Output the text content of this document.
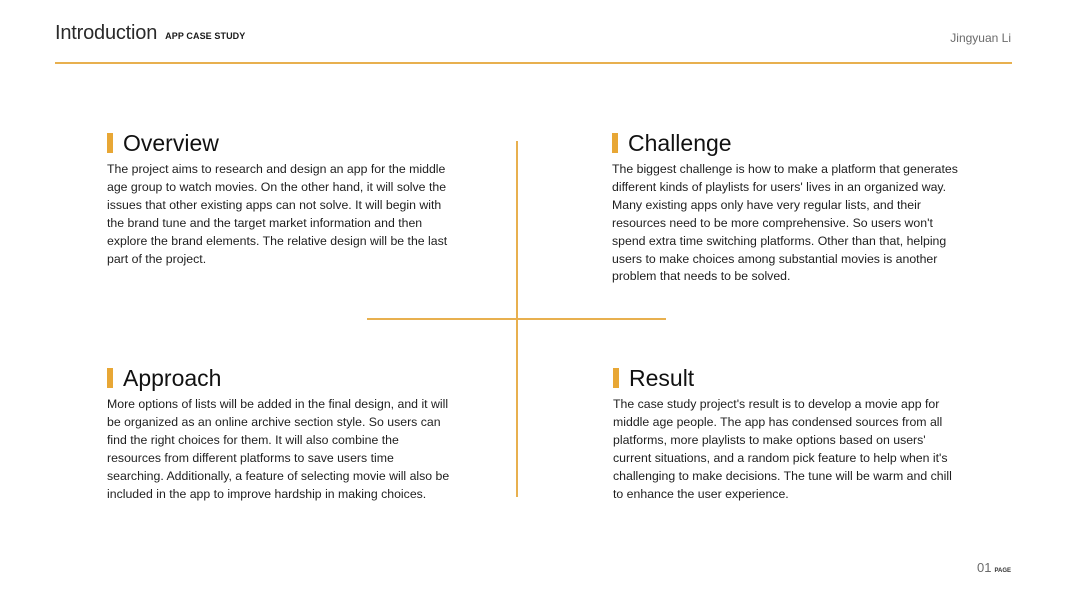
Introduction APP CASE STUDY	Jingyuan Li
Overview

The project aims to research and design an app for the middle age group to watch movies. On the other hand, it will solve the issues that other existing apps can not solve. It will begin with the brand tune and the target market information and then explore the brand elements. The relative design will be the last part of the project.

Challenge

The biggest challenge is how to make a platform that generates different kinds of playlists for users' lives in an organized way. Many existing apps only have very regular lists, and their resources need to be more comprehensive. So users won't spend extra time switching platforms. Other than that, helping users to make choices among substantial movies is another problem that needs to be solved.

Approach

More options of lists will be added in the final design, and it will be organized as an online archive section style. So users can find the right choices for them. It will also combine the resources from different platforms to save users time searching. Additionally, a feature of selecting movie will also be included in the app to improve hardship in making choices.

Result

The case study project's result is to develop a movie app for middle age people. The app has condensed sources from all platforms, more playlists to make options based on users' current situations, and a random pick feature to help when it's challenging to make decisions. The tune will be warm and chill to enhance the user experience.

01 PAGE
